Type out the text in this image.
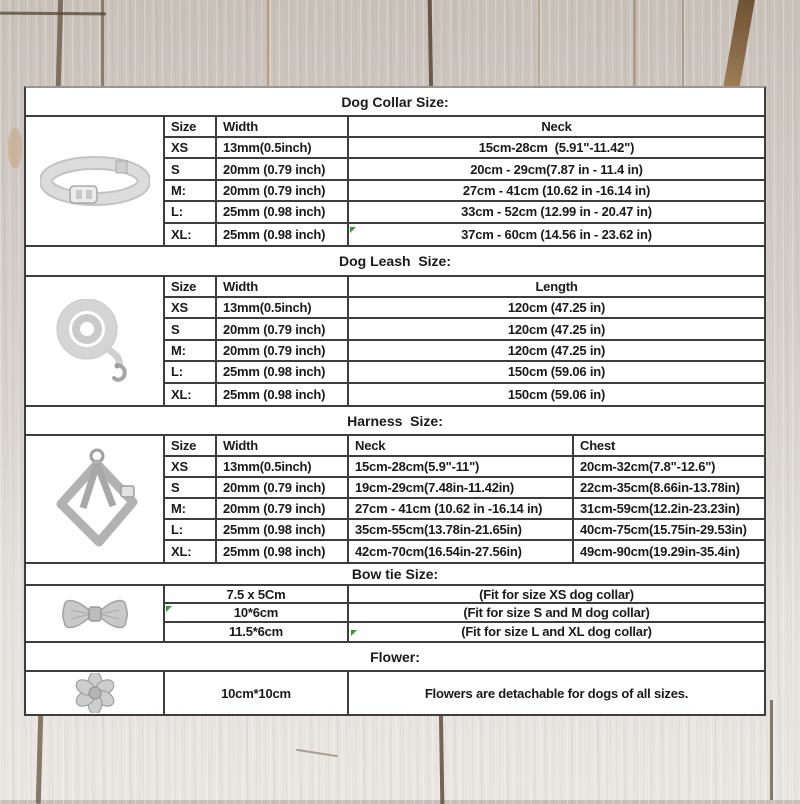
Dog Collar Size:
Size	Width	Neck
XS	13mm(0.5inch)	15cm-28cm  (5.91"-11.42")
S	20mm (0.79 inch)	20cm - 29cm(7.87 in - 11.4 in)
M:	20mm (0.79 inch)	27cm - 41cm (10.62 in -16.14 in)
L:	25mm (0.98 inch)	33cm - 52cm (12.99 in - 20.47 in)
XL:	25mm (0.98 inch)	37cm - 60cm (14.56 in - 23.62 in)
Dog Leash  Size:
Size	Width	Length
XS	13mm(0.5inch)	120cm (47.25 in)
S	20mm (0.79 inch)	120cm (47.25 in)
M:	20mm (0.79 inch)	120cm (47.25 in)
L:	25mm (0.98 inch)	150cm (59.06 in)
XL:	25mm (0.98 inch)	150cm (59.06 in)
Harness  Size:
Size	Width	Neck	Chest
XS	13mm(0.5inch)	15cm-28cm(5.9"-11")	20cm-32cm(7.8"-12.6")
S	20mm (0.79 inch)	19cm-29cm(7.48in-11.42in)	22cm-35cm(8.66in-13.78in)
M:	20mm (0.79 inch)	27cm - 41cm (10.62 in -16.14 in)	31cm-59cm(12.2in-23.23in)
L:	25mm (0.98 inch)	35cm-55cm(13.78in-21.65in)	40cm-75cm(15.75in-29.53in)
XL:	25mm (0.98 inch)	42cm-70cm(16.54in-27.56in)	49cm-90cm(19.29in-35.4in)
Bow tie Size:
7.5 x 5Cm	(Fit for size XS dog collar)
10*6cm	(Fit for size S and M dog collar)
11.5*6cm	(Fit for size L and XL dog collar)
Flower:
10cm*10cm	Flowers are detachable for dogs of all sizes.
